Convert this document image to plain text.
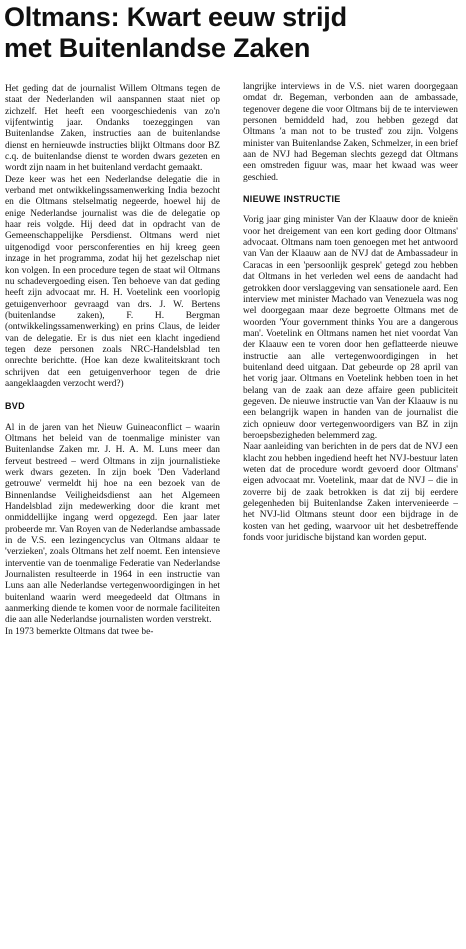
Oltmans: Kwart eeuw strijd
met Buitenlandse Zaken

Het geding dat de journalist Willem Oltmans tegen de staat der Nederlanden wil aanspannen staat niet op zichzelf. Het heeft een voorgeschiedenis van zo'n vijfentwintig jaar. Ondanks toezeggingen van Buitenlandse Zaken, instructies aan de buitenlandse dienst en hernieuwde instructies blijkt Oltmans door BZ c.q. de buitenlandse dienst te worden dwars gezeten en wordt zijn naam in het buitenland verdacht gemaakt.

Deze keer was het een Nederlandse delegatie die in verband met ontwikkelingssamenwerking India bezocht en die Oltmans stelselmatig negeerde, hoewel hij de enige Nederlandse journalist was die de delegatie op haar reis volgde. Hij deed dat in opdracht van de Gemeenschappelijke Persdienst. Oltmans werd niet uitgenodigd voor persconferenties en hij kreeg geen inzage in het programma, zodat hij het gezelschap niet kon volgen. In een procedure tegen de staat wil Oltmans nu schadevergoeding eisen. Ten behoeve van dat geding heeft zijn advocaat mr. H. H. Voetelink een voorlopig getuigenverhoor gevraagd van drs. J. W. Bertens (buitenlandse zaken), F. H. Bergman (ontwikkelingssamenwerking) en prins Claus, de leider van de delegatie. Er is dus niet een klacht ingediend tegen deze personen zoals NRC-Handelsblad ten onrechte berichtte. (Hoe kan deze kwaliteitskrant toch schrijven dat een getuigenverhoor tegen de drie aangeklaagden verzocht werd?)

BVD

Al in de jaren van het Nieuw Guineaconflict – waarin Oltmans het beleid van de toenmalige minister van Buitenlandse Zaken mr. J. H. A. M. Luns meer dan ferveut bestreed – werd Oltmans in zijn journalistieke werk dwars gezeten. In zijn boek 'Den Vaderland getrouwe' vermeldt hij hoe na een bezoek van de Binnenlandse Veiligheidsdienst aan het Algemeen Handelsblad zijn medewerking door die krant met onmiddellijke ingang werd opgezegd. Een jaar later probeerde mr. Van Royen van de Nederlandse ambassade in de V.S. een lezingencyclus van Oltmans aldaar te 'verzieken', zoals Oltmans het zelf noemt. Een intensieve interventie van de toenmalige Federatie van Nederlandse Journalisten resulteerde in 1964 in een instructie van Luns aan alle Nederlandse vertegenwoordigingen in het buitenland waarin werd meegedeeld dat Oltmans in aanmerking diende te komen voor de normale faciliteiten die aan alle Nederlandse journalisten worden verstrekt.

In 1973 bemerkte Oltmans dat twee be-

langrijke interviews in de V.S. niet waren doorgegaan omdat dr. Begeman, verbonden aan de ambassade, tegenover degene die voor Oltmans bij de te interviewen personen bemiddeld had, zou hebben gezegd dat Oltmans 'a man not to be trusted' zou zijn. Volgens minister van Buitenlandse Zaken, Schmelzer, in een brief aan de NVJ had Begeman slechts gezegd dat Oltmans een omstreden figuur was, maar het kwaad was weer geschied.

NIEUWE INSTRUCTIE

Vorig jaar ging minister Van der Klaauw door de knieën voor het dreigement van een kort geding door Oltmans' advocaat. Oltmans nam toen genoegen met het antwoord van Van der Klaauw aan de NVJ dat de Ambassadeur in Caracas in een 'persoonlijk gesprek' getegd zou hebben dat Oltmans in het verleden wel eens de aandacht had getrokken door verslaggeving van sensationele aard. Een interview met minister Machado van Venezuela was nog wel doorgegaan maar deze begroette Oltmans met de woorden 'Your government thinks You are a dangerous man'. Voetelink en Oltmans namen het niet voordat Van der Klaauw een te voren door hen geflatteerde nieuwe instructie aan alle vertegenwoordigingen in het buitenland deed uitgaan. Dat gebeurde op 28 april van het vorig jaar. Oltmans en Voetelink hebben toen in het belang van de zaak aan deze affaire geen publiciteit gegeven. De nieuwe instructie van Van der Klaauw is nu een belangrijk wapen in handen van de journalist die zich opnieuw door vertegenwoordigers van BZ in zijn beroepsbezigheden belemmerd zag.

Naar aanleiding van berichten in de pers dat de NVJ een klacht zou hebben ingediend heeft het NVJ-bestuur laten weten dat de procedure wordt gevoerd door Oltmans' eigen advocaat mr. Voetelink, maar dat de NVJ – die in zoverre bij de zaak betrokken is dat zij bij eerdere gelegenheden bij Buitenlandse Zaken intervenieerde – het NVJ-lid Oltmans steunt door een bijdrage in de kosten van het geding, waarvoor uit het desbetreffende fonds voor juridische bijstand kan worden geput.
